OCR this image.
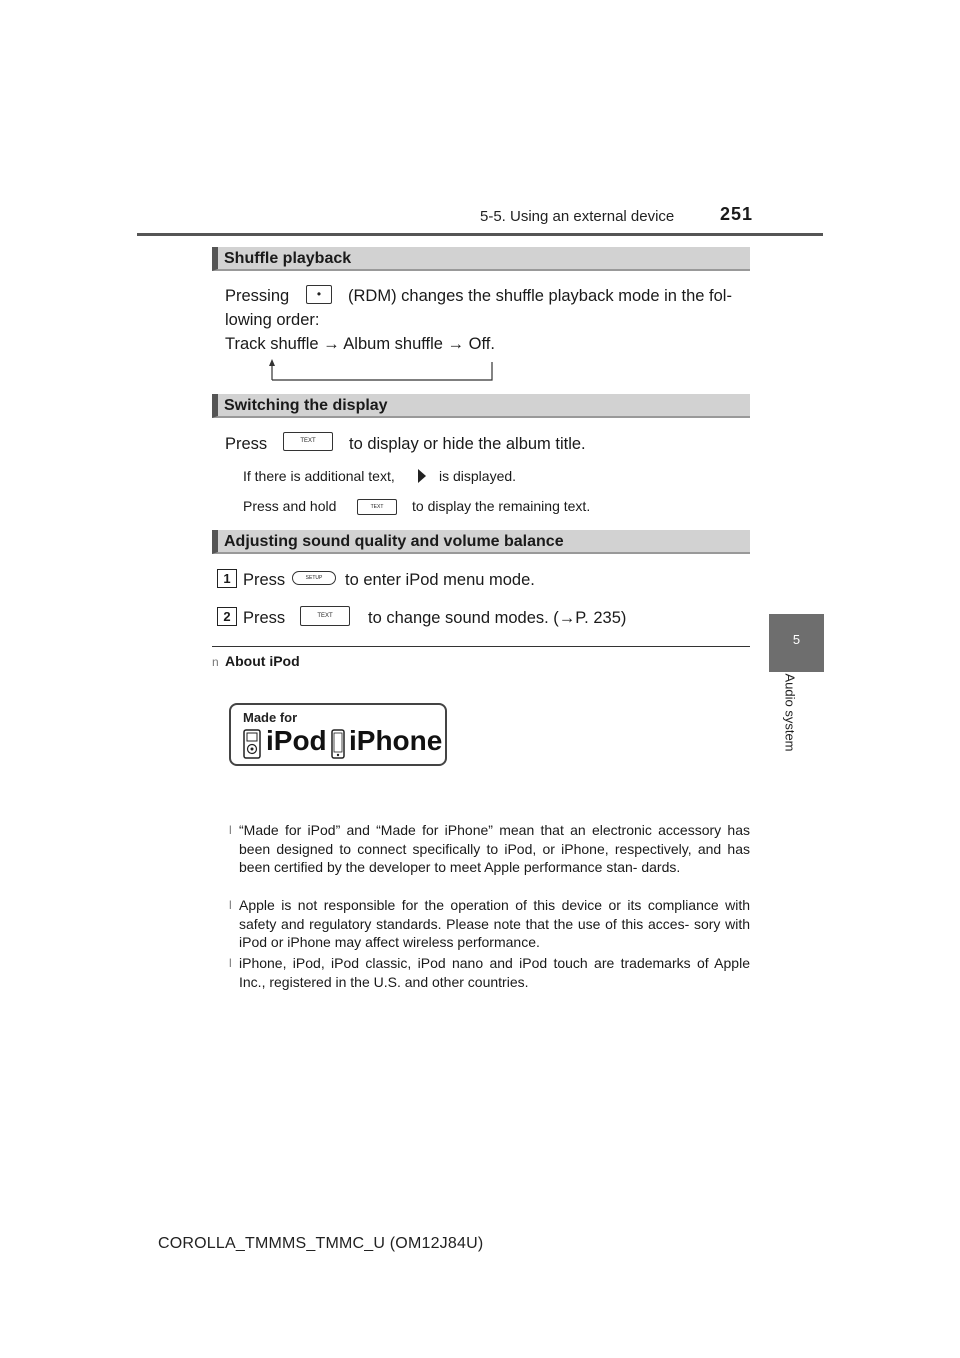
5-5. Using an external device	251
5
Audio system
Shuffle playback
Pressing	•	(RDM) changes the shuffle playback mode in the fol-
lowing order:
Track shuffle → Album shuffle → Off.
Switching the display
Press	TEXT	to display or hide the album title.
If there is additional text,	is displayed.
Press and hold	TEXT	to display the remaining text.
Adjusting sound quality and volume balance
1 Press	SETUP	to enter iPod menu mode.
2 Press	TEXT	to change sound modes. (→P. 235)
n About iPod
Made for
iPod iPhone
l “Made for iPod” and “Made for iPhone” mean that an electronic accessory has been designed to connect specifically to iPod, or iPhone, respectively, and has been certified by the developer to meet Apple performance stan- dards.
l Apple is not responsible for the operation of this device or its compliance with safety and regulatory standards. Please note that the use of this acces- sory with iPod or iPhone may affect wireless performance.
l iPhone, iPod, iPod classic, iPod nano and iPod touch are trademarks of Apple Inc., registered in the U.S. and other countries.
COROLLA_TMMMS_TMMC_U (OM12J84U)
